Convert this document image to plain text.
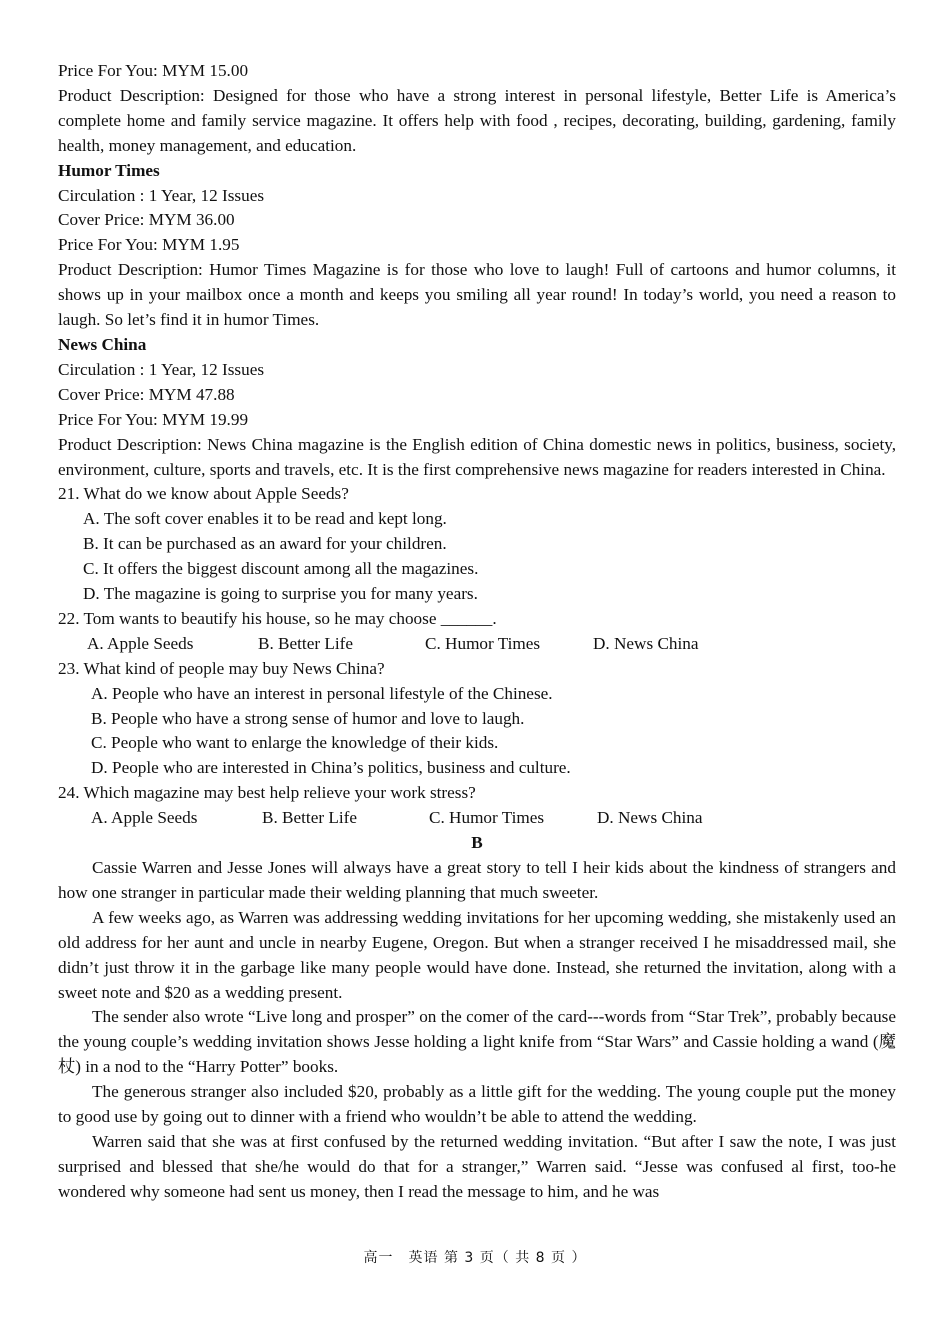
Price For You: MYM 15.00
Product Description: Designed for those who have a strong interest in personal lifestyle, Better Life is America’s complete home and family service magazine. It offers help with food , recipes, decorating, building, gardening, family health, money management, and education.
Humor Times
Circulation : 1 Year, 12 Issues
Cover Price: MYM 36.00
Price For You: MYM 1.95
Product Description: Humor Times Magazine is for those who love to laugh! Full of cartoons and humor columns, it shows up in your mailbox once a month and keeps you smiling all year round! In today’s world, you need a reason to laugh. So let’s find it in humor Times.
News China
Circulation : 1 Year, 12 Issues
Cover Price: MYM 47.88
Price For You: MYM 19.99
Product Description: News China magazine is the English edition of China domestic news in politics, business, society, environment, culture, sports and travels, etc. It is the first comprehensive news magazine for readers interested in China.
21. What do we know about Apple Seeds?
A. The soft cover enables it to be read and kept long.
B. It can be purchased as an award for your children.
C. It offers the biggest discount among all the magazines.
D. The magazine is going to surprise you for many years.
22. Tom wants to beautify his house, so he may choose ______.
A. Apple Seeds	B. Better Life	C. Humor Times	D. News China
23. What kind of people may buy News China?
A. People who have an interest in personal lifestyle of the Chinese.
B. People who have a strong sense of humor and love to laugh.
C. People who want to enlarge the knowledge of their kids.
D. People who are interested in China’s politics, business and culture.
24. Which magazine may best help relieve your work stress?
A. Apple Seeds	B. Better Life	C. Humor Times	D. News China
B
Cassie Warren and Jesse Jones will always have a great story to tell I heir kids about the kindness of strangers and how one stranger in particular made their welding planning that much sweeter.
A few weeks ago, as Warren was addressing wedding invitations for her upcoming wedding, she mistakenly used an old address for her aunt and uncle in nearby Eugene, Oregon. But when a stranger received I he misaddressed mail, she didn’t just throw it in the garbage like many people would have done. Instead, she returned the invitation, along with a sweet note and $20 as a wedding present.
The sender also wrote “Live long and prosper” on the comer of the card---words from “Star Trek”, probably because the young couple’s wedding invitation shows Jesse holding a light knife from “Star Wars” and Cassie holding a wand (魔杖) in a nod to the “Harry Potter” books.
The generous stranger also included $20, probably as a little gift for the wedding. The young couple put the money to good use by going out to dinner with a friend who wouldn’t be able to attend the wedding.
Warren said that she was at first confused by the returned wedding invitation. “But after I saw the note, I was just surprised and blessed that she/he would do that for a stranger,” Warren said. “Jesse was confused al first, too-he wondered why someone had sent us money, then I read the message to him, and he was
高一　英语 第 3 页（ 共 8 页 ）
